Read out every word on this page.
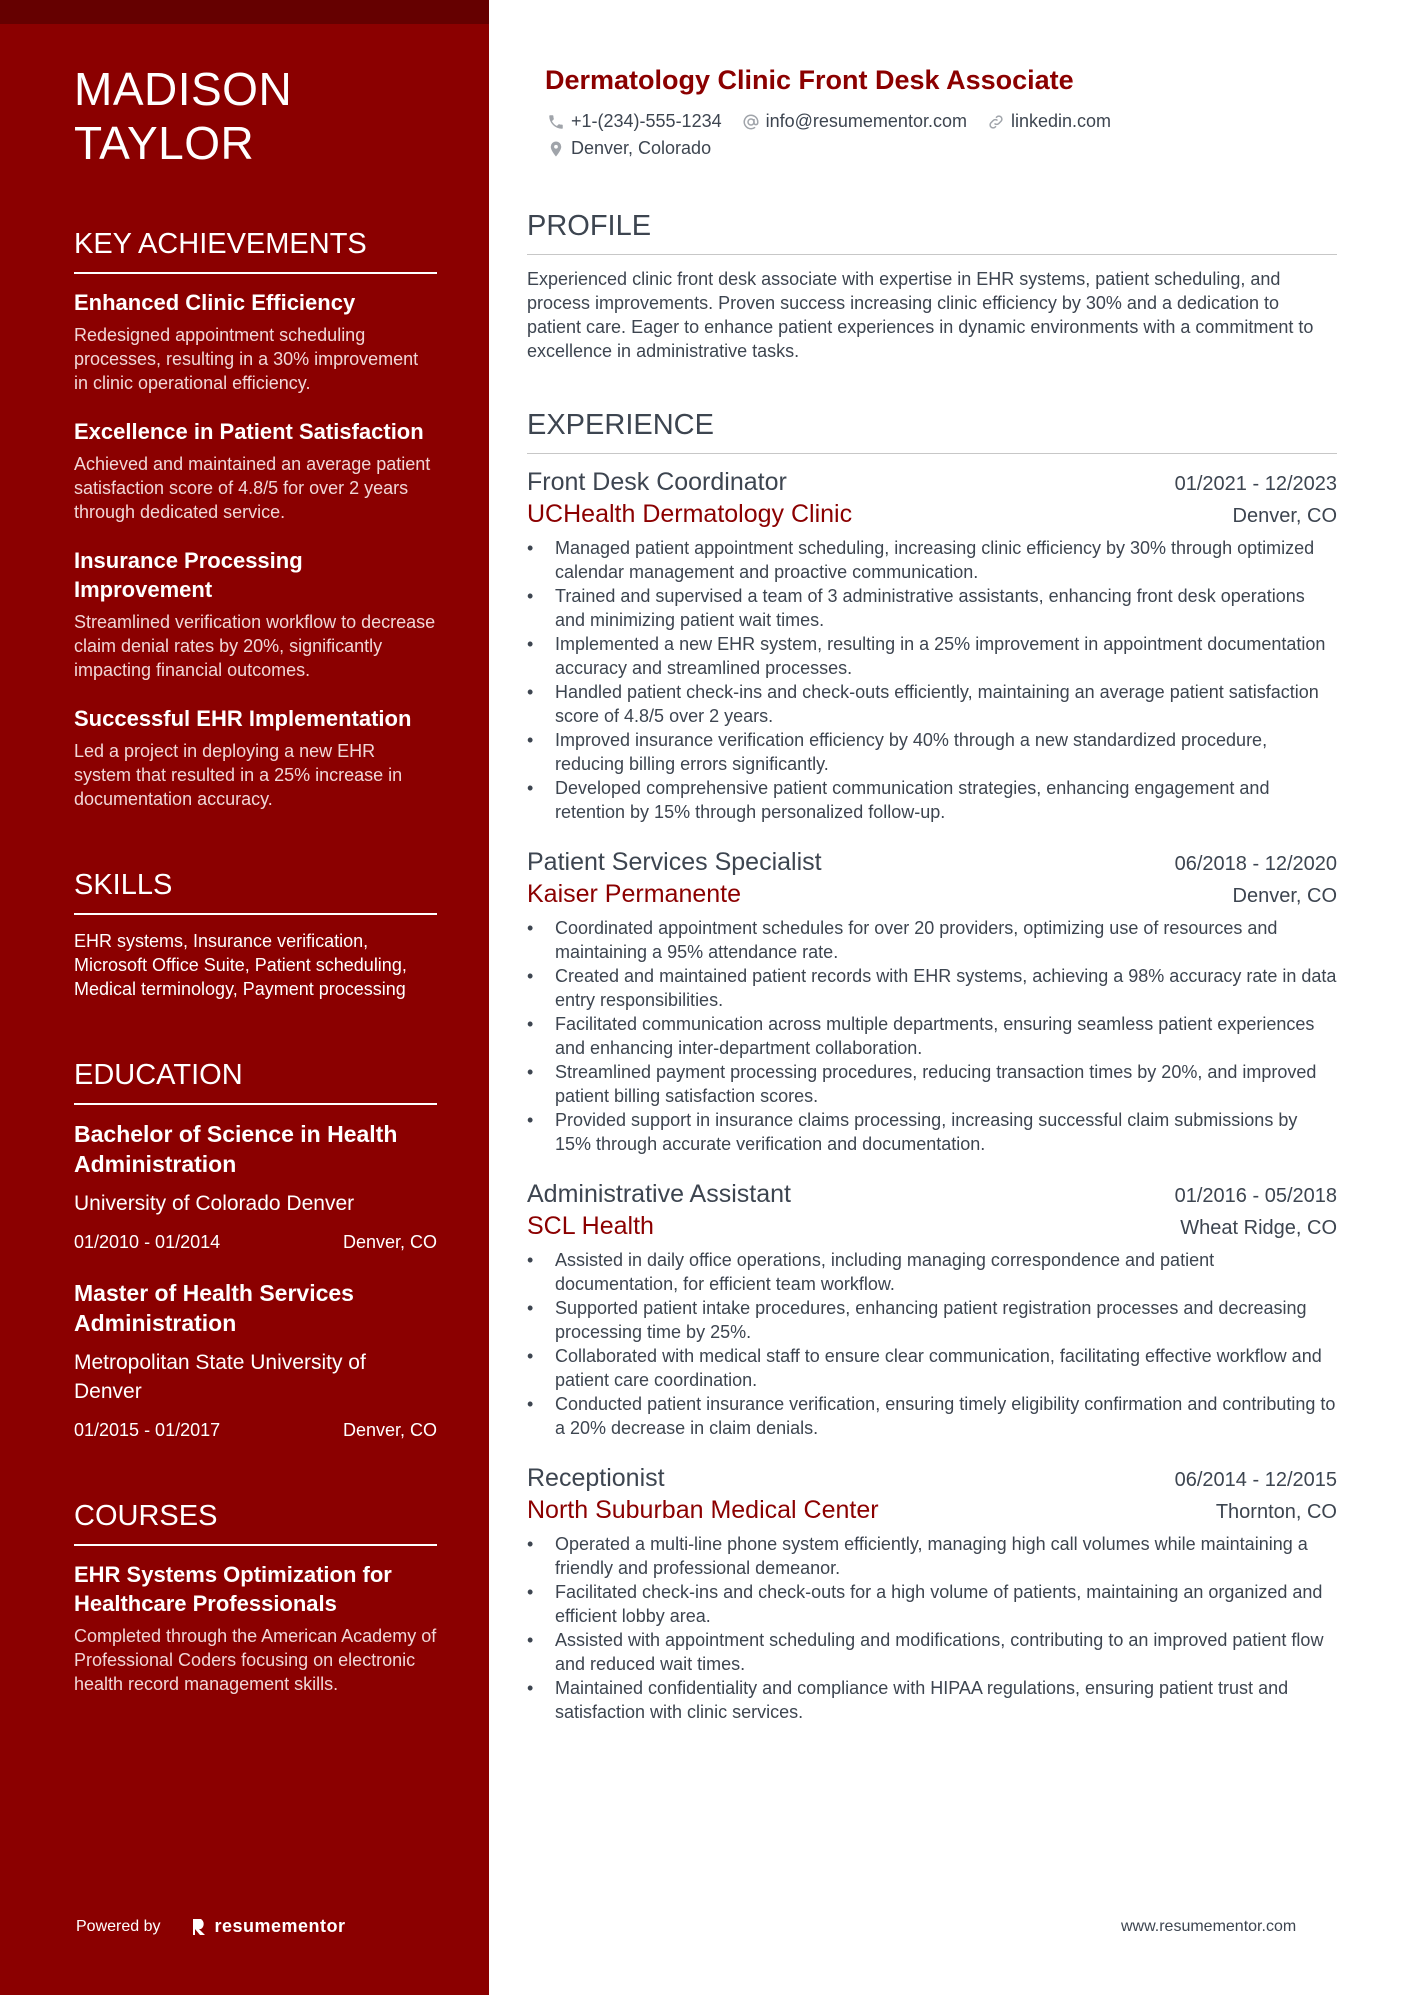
MADISON
TAYLOR
KEY ACHIEVEMENTS
Enhanced Clinic Efficiency

Redesigned appointment scheduling processes, resulting in a 30% improvement in clinic operational efficiency.

Excellence in Patient Satisfaction

Achieved and maintained an average patient satisfaction score of 4.8/5 for over 2 years through dedicated service.

Insurance Processing Improvement

Streamlined verification workflow to decrease claim denial rates by 20%, significantly impacting financial outcomes.

Successful EHR Implementation

Led a project in deploying a new EHR system that resulted in a 25% increase in documentation accuracy.

SKILLS

EHR systems, Insurance verification, Microsoft Office Suite, Patient scheduling, Medical terminology, Payment processing

EDUCATION
Bachelor of Science in Health Administration

University of Colorado Denver

01/2010 - 01/2014	Denver, CO
Master of Health Services Administration

Metropolitan State University of Denver

01/2015 - 01/2017	Denver, CO
COURSES
EHR Systems Optimization for Healthcare Professionals

Completed through the American Academy of Professional Coders focusing on electronic health record management skills.

Powered by	resumementor
Dermatology Clinic Front Desk Associate
+1-(234)-555-1234 info@resumementor.com linkedin.com
Denver, Colorado
PROFILE

Experienced clinic front desk associate with expertise in EHR systems, patient scheduling, and process improvements. Proven success increasing clinic efficiency by 30% and a dedication to patient care. Eager to enhance patient experiences in dynamic environments with a commitment to excellence in administrative tasks.

EXPERIENCE
Front Desk Coordinator	01/2021 - 12/2023
UCHealth Dermatology Clinic	Denver, CO
• Managed patient appointment scheduling, increasing clinic efficiency by 30% through optimized calendar management and proactive communication.
• Trained and supervised a team of 3 administrative assistants, enhancing front desk operations and minimizing patient wait times.
• Implemented a new EHR system, resulting in a 25% improvement in appointment documentation accuracy and streamlined processes.
• Handled patient check-ins and check-outs efficiently, maintaining an average patient satisfaction score of 4.8/5 over 2 years.
• Improved insurance verification efficiency by 40% through a new standardized procedure, reducing billing errors significantly.
• Developed comprehensive patient communication strategies, enhancing engagement and retention by 15% through personalized follow-up.
Patient Services Specialist	06/2018 - 12/2020
Kaiser Permanente	Denver, CO
• Coordinated appointment schedules for over 20 providers, optimizing use of resources and maintaining a 95% attendance rate.
• Created and maintained patient records with EHR systems, achieving a 98% accuracy rate in data entry responsibilities.
• Facilitated communication across multiple departments, ensuring seamless patient experiences and enhancing inter-department collaboration.
• Streamlined payment processing procedures, reducing transaction times by 20%, and improved patient billing satisfaction scores.
• Provided support in insurance claims processing, increasing successful claim submissions by 15% through accurate verification and documentation.
Administrative Assistant	01/2016 - 05/2018
SCL Health	Wheat Ridge, CO
• Assisted in daily office operations, including managing correspondence and patient documentation, for efficient team workflow.
• Supported patient intake procedures, enhancing patient registration processes and decreasing processing time by 25%.
• Collaborated with medical staff to ensure clear communication, facilitating effective workflow and patient care coordination.
• Conducted patient insurance verification, ensuring timely eligibility confirmation and contributing to a 20% decrease in claim denials.
Receptionist	06/2014 - 12/2015
North Suburban Medical Center	Thornton, CO
• Operated a multi-line phone system efficiently, managing high call volumes while maintaining a friendly and professional demeanor.
• Facilitated check-ins and check-outs for a high volume of patients, maintaining an organized and efficient lobby area.
• Assisted with appointment scheduling and modifications, contributing to an improved patient flow and reduced wait times.
• Maintained confidentiality and compliance with HIPAA regulations, ensuring patient trust and satisfaction with clinic services.
www.resumementor.com
